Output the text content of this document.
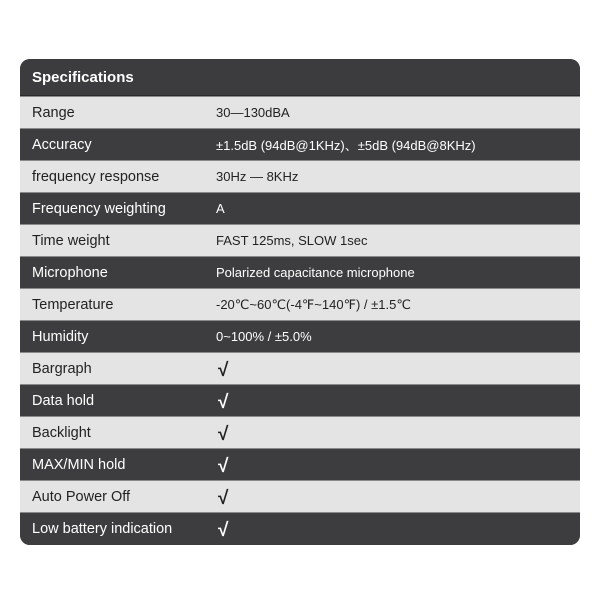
Specifications
Range	30—130dBA
Accuracy	±1.5dB (94dB@1KHz)、±5dB (94dB@8KHz)
frequency response	30Hz — 8KHz
Frequency weighting	A
Time weight	FAST 125ms, SLOW 1sec
Microphone	Polarized capacitance microphone
Temperature	-20℃~60℃(-4℉~140℉) / ±1.5℃
Humidity	0~100% / ±5.0%
Bargraph	√
Data hold	√
Backlight	√
MAX/MIN hold	√
Auto Power Off	√
Low battery indication	√
